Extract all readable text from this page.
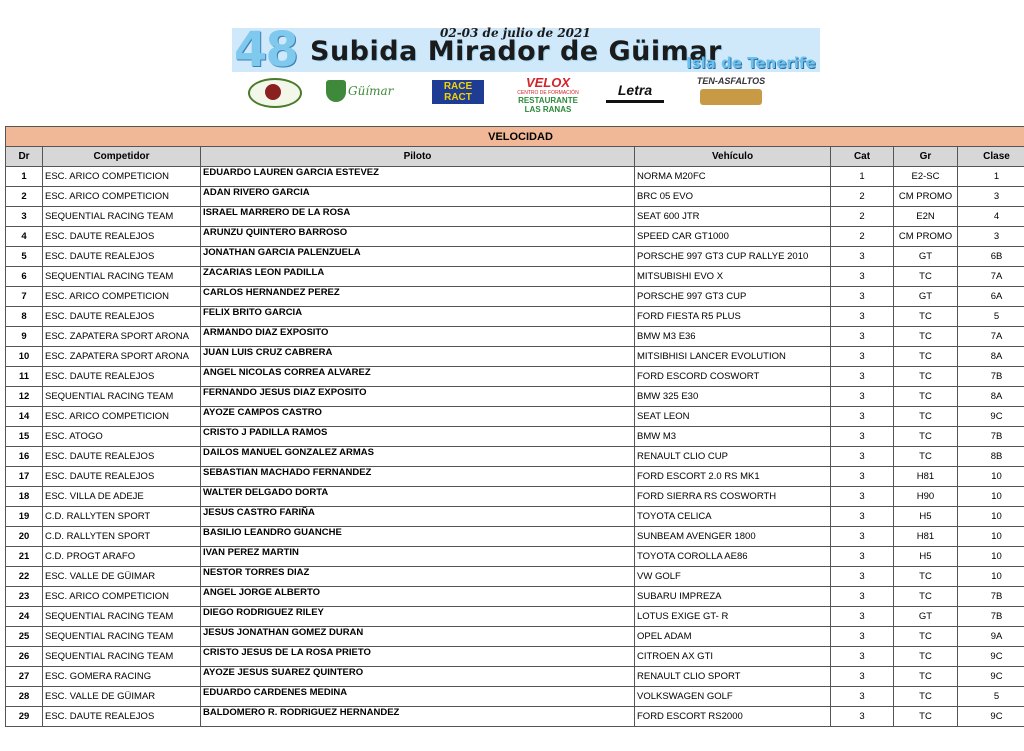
48	02-03 de julio de 2021
Subida Mirador de Güimar
Isla de Tenerife
Güímar	RACE
RACT
VELOX
CENTRO DE FORMACIÓN
RESTAURANTE
LAS RANAS
Letra
TEN-ASFALTOS
VELOCIDAD						
Dr	Competidor	Piloto	Vehículo	Cat	Gr	Clase
1	ESC. ARICO COMPETICION	EDUARDO LAUREN GARCIA ESTEVEZ	NORMA M20FC	1	E2-SC	1
2	ESC. ARICO COMPETICION	ADAN RIVERO GARCIA	BRC 05 EVO	2	CM PROMO	3
3	SEQUENTIAL RACING TEAM	ISRAEL MARRERO DE LA ROSA	SEAT 600 JTR	2	E2N	4
4	ESC. DAUTE REALEJOS	ARUNZU QUINTERO BARROSO	SPEED CAR GT1000	2	CM PROMO	3
5	ESC. DAUTE REALEJOS	JONATHAN GARCIA PALENZUELA	PORSCHE 997 GT3 CUP RALLYE 2010	3	GT	6B
6	SEQUENTIAL RACING TEAM	ZACARIAS LEON PADILLA	MITSUBISHI EVO X	3	TC	7A
7	ESC. ARICO COMPETICION	CARLOS HERNANDEZ PEREZ	PORSCHE 997 GT3 CUP	3	GT	6A
8	ESC. DAUTE REALEJOS	FELIX BRITO GARCIA	FORD FIESTA R5 PLUS	3	TC	5
9	ESC. ZAPATERA SPORT ARONA	ARMANDO DIAZ EXPOSITO	BMW M3 E36	3	TC	7A
10	ESC. ZAPATERA SPORT ARONA	JUAN LUIS CRUZ CABRERA	MITSIBHISI LANCER EVOLUTION	3	TC	8A
11	ESC. DAUTE REALEJOS	ANGEL NICOLAS CORREA ALVAREZ	FORD ESCORD COSWORT	3	TC	7B
12	SEQUENTIAL RACING TEAM	FERNANDO JESUS DIAZ EXPOSITO	BMW 325 E30	3	TC	8A
14	ESC. ARICO COMPETICION	AYOZE CAMPOS CASTRO	SEAT LEON	3	TC	9C
15	ESC. ATOGO	CRISTO J PADILLA RAMOS	BMW M3	3	TC	7B
16	ESC. DAUTE REALEJOS	DAILOS MANUEL GONZALEZ ARMAS	RENAULT CLIO CUP	3	TC	8B
17	ESC. DAUTE REALEJOS	SEBASTIAN MACHADO FERNANDEZ	FORD ESCORT 2.0 RS MK1	3	H81	10
18	ESC. VILLA DE ADEJE	WALTER DELGADO DORTA	FORD SIERRA RS COSWORTH	3	H90	10
19	C.D. RALLYTEN SPORT	JESUS CASTRO FARIÑA	TOYOTA CELICA	3	H5	10
20	C.D. RALLYTEN SPORT	BASILIO LEANDRO GUANCHE	SUNBEAM AVENGER 1800	3	H81	10
21	C.D. PROGT ARAFO	IVAN PEREZ MARTIN	TOYOTA COROLLA AE86	3	H5	10
22	ESC. VALLE DE GÜIMAR	NESTOR TORRES DIAZ	VW GOLF	3	TC	10
23	ESC. ARICO COMPETICION	ANGEL JORGE ALBERTO	SUBARU IMPREZA	3	TC	7B
24	SEQUENTIAL RACING TEAM	DIEGO RODRIGUEZ RILEY	LOTUS EXIGE GT- R	3	GT	7B
25	SEQUENTIAL RACING TEAM	JESUS JONATHAN GOMEZ DURAN	OPEL ADAM	3	TC	9A
26	SEQUENTIAL RACING TEAM	CRISTO JESUS DE LA ROSA PRIETO	CITROEN AX GTI	3	TC	9C
27	ESC. GOMERA RACING	AYOZE JESUS SUAREZ QUINTERO	RENAULT CLIO SPORT	3	TC	9C
28	ESC. VALLE DE GÜIMAR	EDUARDO CARDENES MEDINA	VOLKSWAGEN GOLF	3	TC	5
29	ESC. DAUTE REALEJOS	BALDOMERO R. RODRIGUEZ HERNANDEZ	FORD ESCORT RS2000	3	TC	9C
